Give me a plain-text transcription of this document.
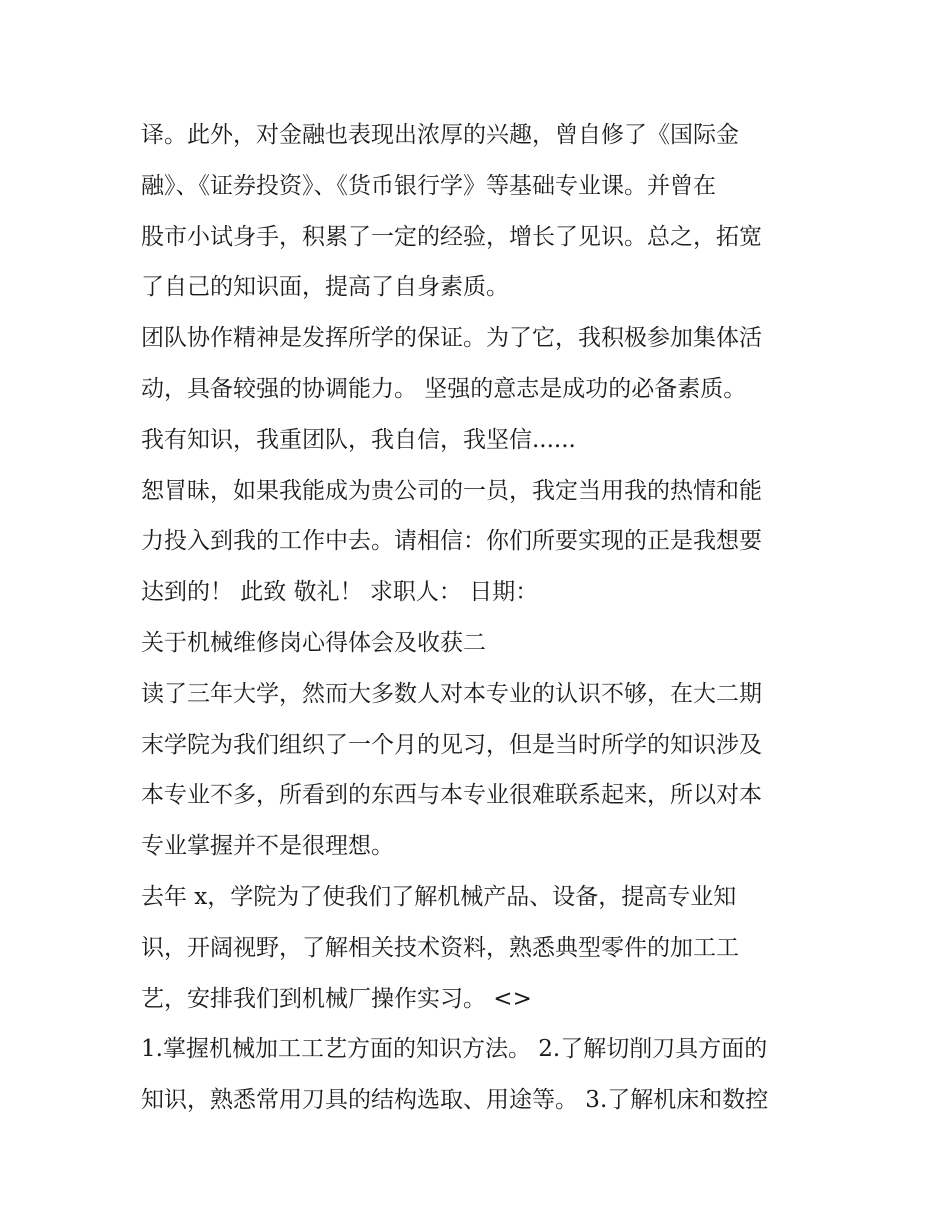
译。此外，对金融也表现出浓厚的兴趣，曾自修了《国际金
融》、《证券投资》、《货币银行学》等基础专业课。并曾在
股市小试身手，积累了一定的经验，增长了见识。总之，拓宽
了自己的知识面，提高了自身素质。
团队协作精神是发挥所学的保证。为了它，我积极参加集体活
动，具备较强的协调能力。 坚强的意志是成功的必备素质。
我有知识，我重团队，我自信，我坚信......
恕冒昧，如果我能成为贵公司的一员，我定当用我的热情和能
力投入到我的工作中去。请相信：你们所要实现的正是我想要
达到的！ 此致 敬礼！ 求职人： 日期：
关于机械维修岗心得体会及收获二
读了三年大学，然而大多数人对本专业的认识不够，在大二期
末学院为我们组织了一个月的见习，但是当时所学的知识涉及
本专业不多，所看到的东西与本专业很难联系起来，所以对本
专业掌握并不是很理想。
去年 x，学院为了使我们了解机械产品、设备，提高专业知
识，开阔视野，了解相关技术资料，熟悉典型零件的加工工
艺，安排我们到机械厂操作实习。 <>
1.掌握机械加工工艺方面的知识方法。 2.了解切削刀具方面的
知识，熟悉常用刀具的结构选取、用途等。 3.了解机床和数控
